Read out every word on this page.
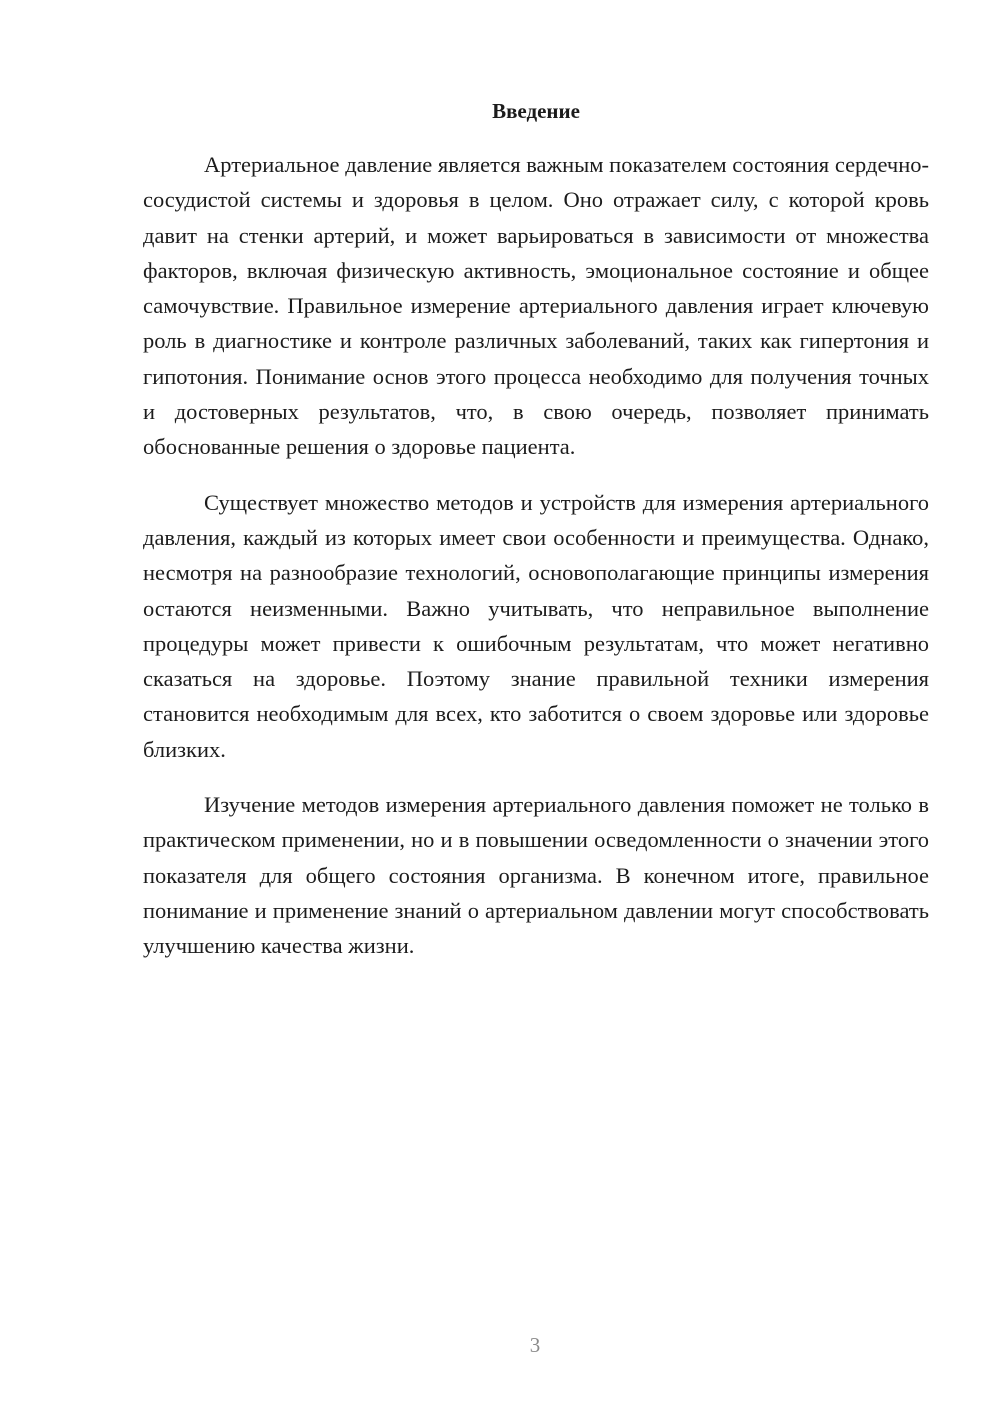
Введение

Артериальное давление является важным показателем состояния сердечно-сосудистой системы и здоровья в целом. Оно отражает силу, с которой кровь давит на стенки артерий, и может варьироваться в зависимости от множества факторов, включая физическую активность, эмоциональное состояние и общее самочувствие. Правильное измерение артериального давления играет ключевую роль в диагностике и контроле различных заболеваний, таких как гипертония и гипотония. Понимание основ этого процесса необходимо для получения точных и достоверных результатов, что, в свою очередь, позволяет принимать обоснованные решения о здоровье пациента.

Существует множество методов и устройств для измерения артериального давления, каждый из которых имеет свои особенности и преимущества. Однако, несмотря на разнообразие технологий, основополагающие принципы измерения остаются неизменными. Важно учитывать, что неправильное выполнение процедуры может привести к ошибочным результатам, что может негативно сказаться на здоровье. Поэтому знание правильной техники измерения становится необходимым для всех, кто заботится о своем здоровье или здоровье близких.

Изучение методов измерения артериального давления поможет не только в практическом применении, но и в повышении осведомленности о значении этого показателя для общего состояния организма. В конечном итоге, правильное понимание и применение знаний о артериальном давлении могут способствовать улучшению качества жизни.

3
